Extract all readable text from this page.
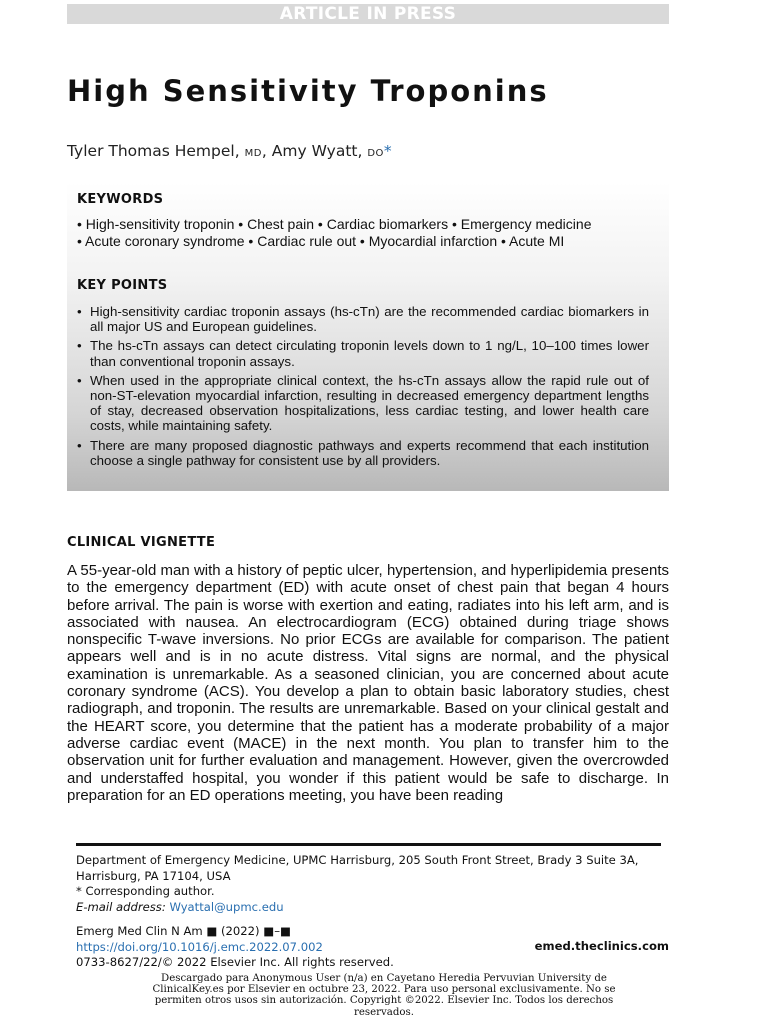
ARTICLE IN PRESS
High Sensitivity Troponins
Tyler Thomas Hempel, MD, Amy Wyatt, DO*
KEYWORDS
• High-sensitivity troponin • Chest pain • Cardiac biomarkers • Emergency medicine
• Acute coronary syndrome • Cardiac rule out • Myocardial infarction • Acute MI
KEY POINTS
• High-sensitivity cardiac troponin assays (hs-cTn) are the recommended cardiac biomarkers in all major US and European guidelines.
• The hs-cTn assays can detect circulating troponin levels down to 1 ng/L, 10–100 times lower than conventional troponin assays.
• When used in the appropriate clinical context, the hs-cTn assays allow the rapid rule out of non-ST-elevation myocardial infarction, resulting in decreased emergency department lengths of stay, decreased observation hospitalizations, less cardiac testing, and lower health care costs, while maintaining safety.
• There are many proposed diagnostic pathways and experts recommend that each institution choose a single pathway for consistent use by all providers.
CLINICAL VIGNETTE

A 55-year-old man with a history of peptic ulcer, hypertension, and hyperlipidemia presents to the emergency department (ED) with acute onset of chest pain that began 4 hours before arrival. The pain is worse with exertion and eating, radiates into his left arm, and is associated with nausea. An electrocardiogram (ECG) obtained during triage shows nonspecific T-wave inversions. No prior ECGs are available for comparison. The patient appears well and is in no acute distress. Vital signs are normal, and the physical examination is unremarkable. As a seasoned clinician, you are concerned about acute coronary syndrome (ACS). You develop a plan to obtain basic laboratory studies, chest radiograph, and troponin. The results are unremarkable. Based on your clinical gestalt and the HEART score, you determine that the patient has a moderate probability of a major adverse cardiac event (MACE) in the next month. You plan to transfer him to the observation unit for further evaluation and management. However, given the overcrowded and understaffed hospital, you wonder if this patient would be safe to discharge. In preparation for an ED operations meeting, you have been reading

Department of Emergency Medicine, UPMC Harrisburg, 205 South Front Street, Brady 3 Suite 3A, Harrisburg, PA 17104, USA
* Corresponding author.
E-mail address: Wyattal@upmc.edu
Emerg Med Clin N Am ■ (2022) ■–■
https://doi.org/10.1016/j.emc.2022.07.002
0733-8627/22/© 2022 Elsevier Inc. All rights reserved.
emed.theclinics.com
Descargado para Anonymous User (n/a) en Cayetano Heredia Pervuvian University de ClinicalKey.es por Elsevier en octubre 23, 2022. Para uso personal exclusivamente. No se permiten otros usos sin autorización. Copyright ©2022. Elsevier Inc. Todos los derechos reservados.
